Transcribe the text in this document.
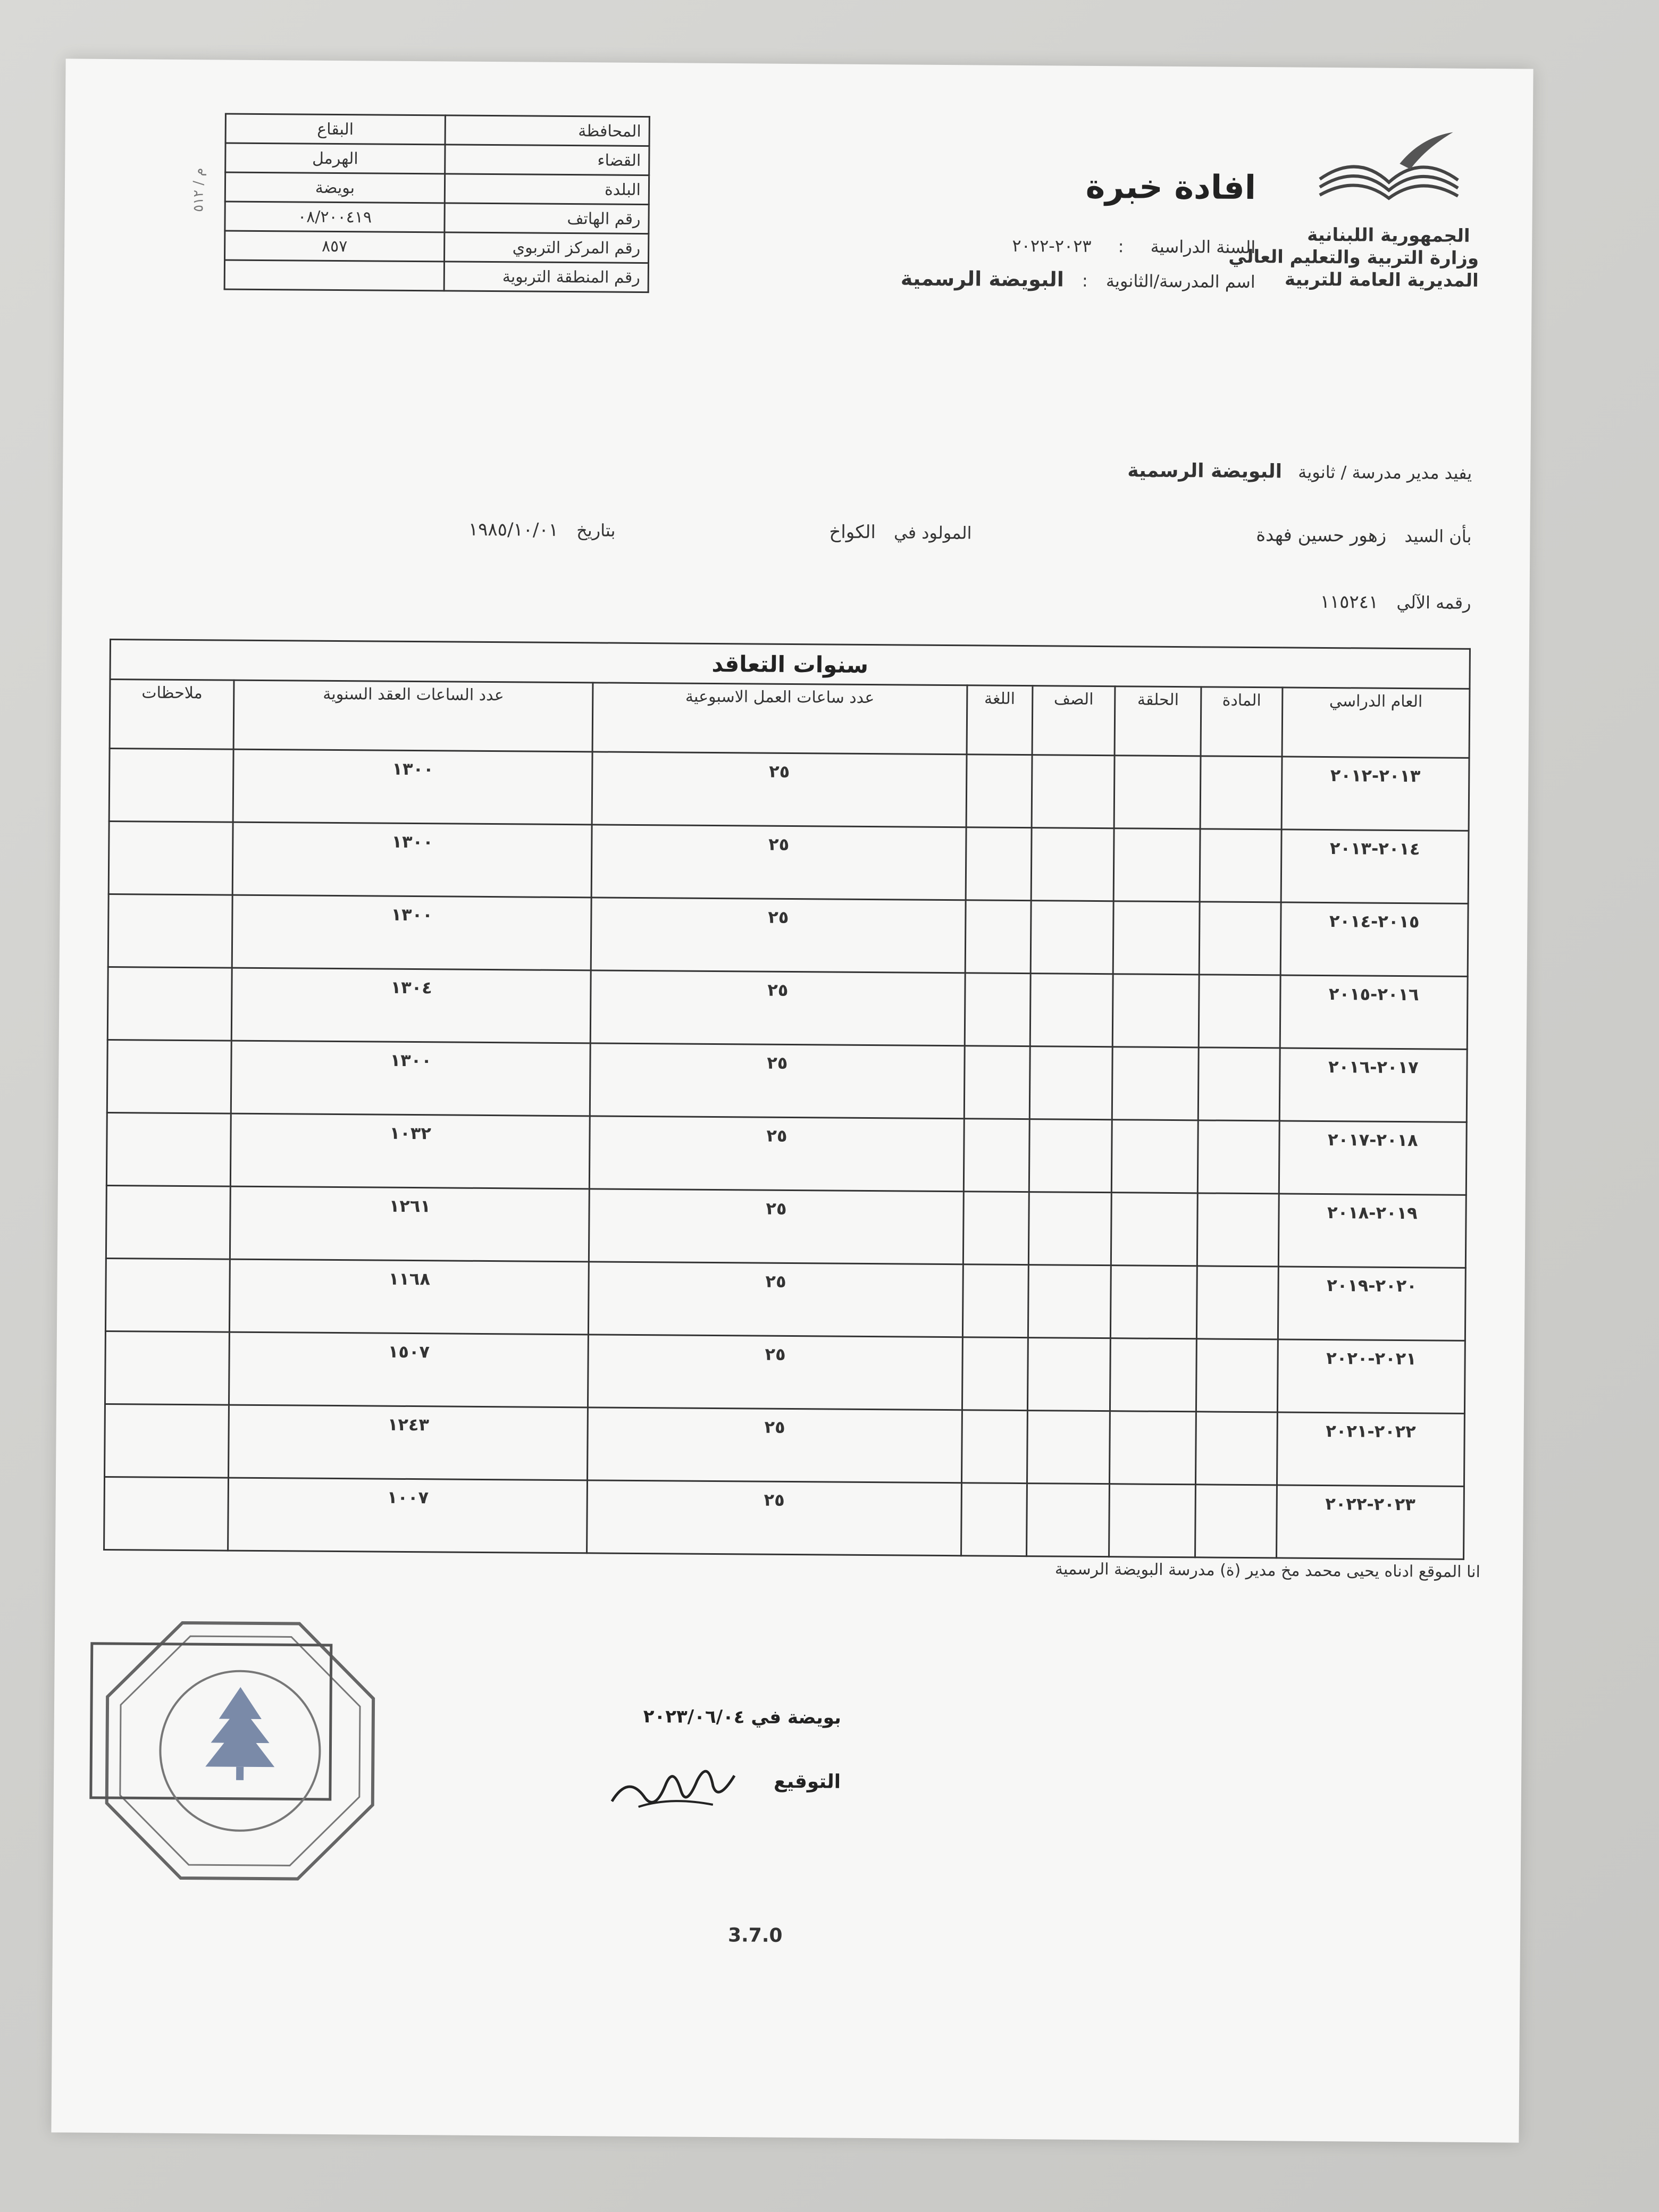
الجمهورية اللبنانية
وزارة التربية والتعليم العالي
المديرية العامة للتربية
افادة خبرة
السنة الدراسية : ٢٠٢٣-٢٠٢٢
اسم المدرسة/الثانوية : البويضة الرسمية
المحافظة	البقاع
القضاء	الهرمل
البلدة	بويضة
رقم الهاتف	٠٨/٢٠٠٤١٩
رقم المركز التربوي	٨٥٧
رقم المنطقة التربوية	
م / ٥١٢
يفيد مدير مدرسة / ثانوية البويضة الرسمية
بأن السيد زهور حسين فهدة
المولود في الكواخ
بتاريخ ١٩٨٥/١٠/٠١
رقمه الآلي ١١٥٢٤١
سنوات التعاقد							
العام الدراسي	المادة	الحلقة	الصف	اللغة	عدد ساعات العمل الاسبوعية	عدد الساعات العقد السنوية	ملاحظات
٢٠١٣-٢٠١٢					٢٥	١٣٠٠	
٢٠١٤-٢٠١٣					٢٥	١٣٠٠	
٢٠١٥-٢٠١٤					٢٥	١٣٠٠	
٢٠١٦-٢٠١٥					٢٥	١٣٠٤	
٢٠١٧-٢٠١٦					٢٥	١٣٠٠	
٢٠١٨-٢٠١٧					٢٥	١٠٣٢	
٢٠١٩-٢٠١٨					٢٥	١٢٦١	
٢٠٢٠-٢٠١٩					٢٥	١١٦٨	
٢٠٢١-٢٠٢٠					٢٥	١٥٠٧	
٢٠٢٢-٢٠٢١					٢٥	١٢٤٣	
٢٠٢٣-٢٠٢٢					٢٥	١٠٠٧	
انا الموقع ادناه يحيى محمد مخ مدير (ة) مدرسة البويضة الرسمية
بويضة في ٢٠٢٣/٠٦/٠٤
التوقيع
3.7.0
